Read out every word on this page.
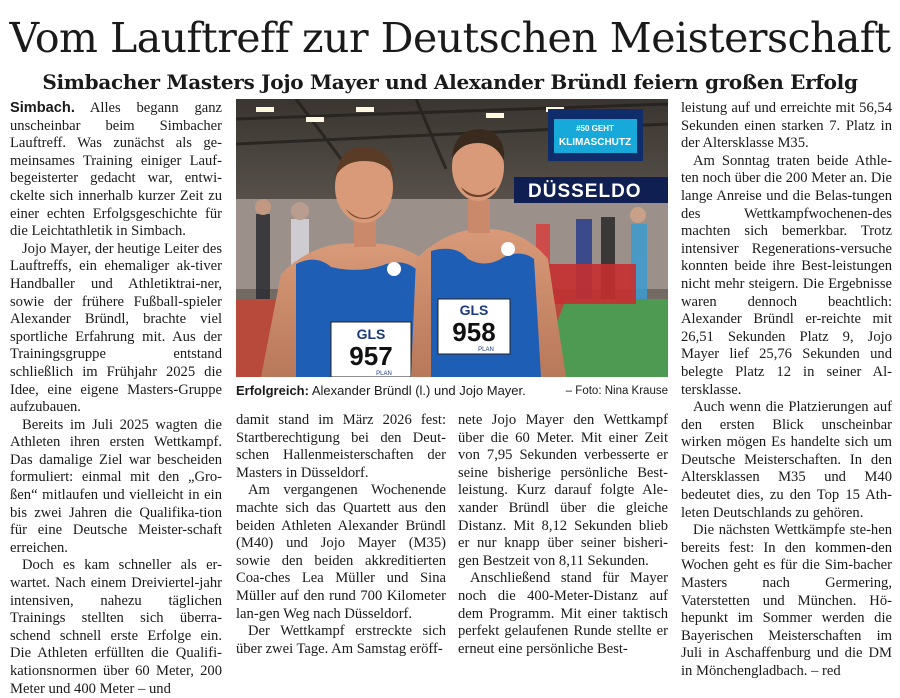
Vom Lauftreff zur Deutschen Meisterschaft
Simbacher Masters Jojo Mayer und Alexander Bründl feiern großen Erfolg

Simbach. Alles begann ganz unscheinbar beim Simbacher Lauftreff. Was zunächst als ge-meinsames Training einiger Lauf-begeisterter gedacht war, entwi-ckelte sich innerhalb kurzer Zeit zu einer echten Erfolgsgeschichte für die Leichtathletik in Simbach.

Jojo Mayer, der heutige Leiter des Lauftreffs, ein ehemaliger ak-tiver Handballer und Athletiktrai-ner, sowie der frühere Fußball-spieler Alexander Bründl, brachte viel sportliche Erfahrung mit. Aus der Trainingsgruppe entstand schließlich im Frühjahr 2025 die Idee, eine eigene Masters-Gruppe aufzubauen.

Bereits im Juli 2025 wagten die Athleten ihren ersten Wettkampf. Das damalige Ziel war bescheiden formuliert: einmal mit den „Gro-ßen“ mitlaufen und vielleicht in ein bis zwei Jahren die Qualifika-tion für eine Deutsche Meister-schaft erreichen.

Doch es kam schneller als er-wartet. Nach einem Dreiviertel-jahr intensiven, nahezu täglichen Trainings stellten sich überra-schend schnell erste Erfolge ein. Die Athleten erfüllten die Qualifi-kationsnormen über 60 Meter, 200 Meter und 400 Meter – und

#50 GEHT
KLIMASCHUTZ
DÜSSELDO
GLS
957
PLAN
GLS
958
PLAN
Erfolgreich: Alexander Bründl (l.) und Jojo Mayer.	– Foto: Nina Krause

damit stand im März 2026 fest: Startberechtigung bei den Deut-schen Hallenmeisterschaften der Masters in Düsseldorf.

Am vergangenen Wochenende machte sich das Quartett aus den beiden Athleten Alexander Bründl (M40) und Jojo Mayer (M35) sowie den beiden akkreditierten Coa-ches Lea Müller und Sina Müller auf den rund 700 Kilometer lan-gen Weg nach Düsseldorf.

Der Wettkampf erstreckte sich über zwei Tage. Am Samstag eröff-

nete Jojo Mayer den Wettkampf über die 60 Meter. Mit einer Zeit von 7,95 Sekunden verbesserte er seine bisherige persönliche Best-leistung. Kurz darauf folgte Ale-xander Bründl über die gleiche Distanz. Mit 8,12 Sekunden blieb er nur knapp über seiner bisheri-gen Bestzeit von 8,11 Sekunden.

Anschließend stand für Mayer noch die 400-Meter-Distanz auf dem Programm. Mit einer taktisch perfekt gelaufenen Runde stellte er erneut eine persönliche Best-

leistung auf und erreichte mit 56,54 Sekunden einen starken 7. Platz in der Altersklasse M35.

Am Sonntag traten beide Athle-ten noch über die 200 Meter an. Die lange Anreise und die Belas-tungen des Wettkampfwochenen-des machten sich bemerkbar. Trotz intensiver Regenerations-versuche konnten beide ihre Best-leistungen nicht mehr steigern. Die Ergebnisse waren dennoch beachtlich: Alexander Bründl er-reichte mit 26,51 Sekunden Platz 9, Jojo Mayer lief 25,76 Sekunden und belegte Platz 12 in seiner Al-tersklasse.

Auch wenn die Platzierungen auf den ersten Blick unscheinbar wirken mögen Es handelte sich um Deutsche Meisterschaften. In den Altersklassen M35 und M40 bedeutet dies, zu den Top 15 Ath-leten Deutschlands zu gehören.

Die nächsten Wettkämpfe ste-hen bereits fest: In den kommen-den Wochen geht es für die Sim-bacher Masters nach Germering, Vaterstetten und München. Hö-hepunkt im Sommer werden die Bayerischen Meisterschaften im Juli in Aschaffenburg und die DM in Mönchengladbach. – red
